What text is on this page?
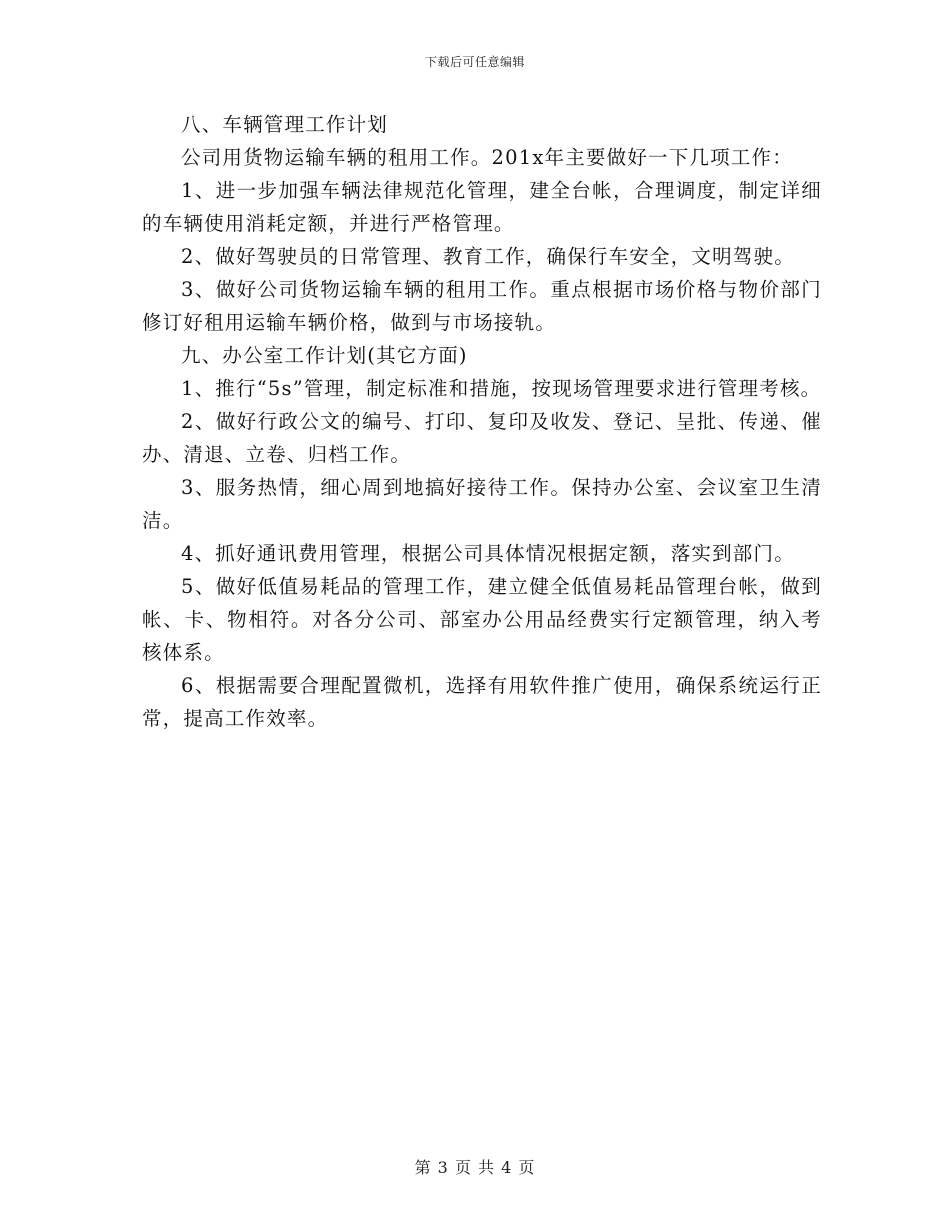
下载后可任意编辑

八、车辆管理工作计划

公司用货物运输车辆的租用工作。201x年主要做好一下几项工作：

1、进一步加强车辆法律规范化管理，建全台帐，合理调度，制定详细的车辆使用消耗定额，并进行严格管理。

2、做好驾驶员的日常管理、教育工作，确保行车安全，文明驾驶。

3、做好公司货物运输车辆的租用工作。重点根据市场价格与物价部门修订好租用运输车辆价格，做到与市场接轨。

九、办公室工作计划(其它方面)

1、推行“5s”管理，制定标准和措施，按现场管理要求进行管理考核。

2、做好行政公文的编号、打印、复印及收发、登记、呈批、传递、催办、清退、立卷、归档工作。

3、服务热情，细心周到地搞好接待工作。保持办公室、会议室卫生清洁。

4、抓好通讯费用管理，根据公司具体情况根据定额，落实到部门。

5、做好低值易耗品的管理工作，建立健全低值易耗品管理台帐，做到帐、卡、物相符。对各分公司、部室办公用品经费实行定额管理，纳入考核体系。

6、根据需要合理配置微机，选择有用软件推广使用，确保系统运行正常，提高工作效率。

第 3 页 共 4 页
